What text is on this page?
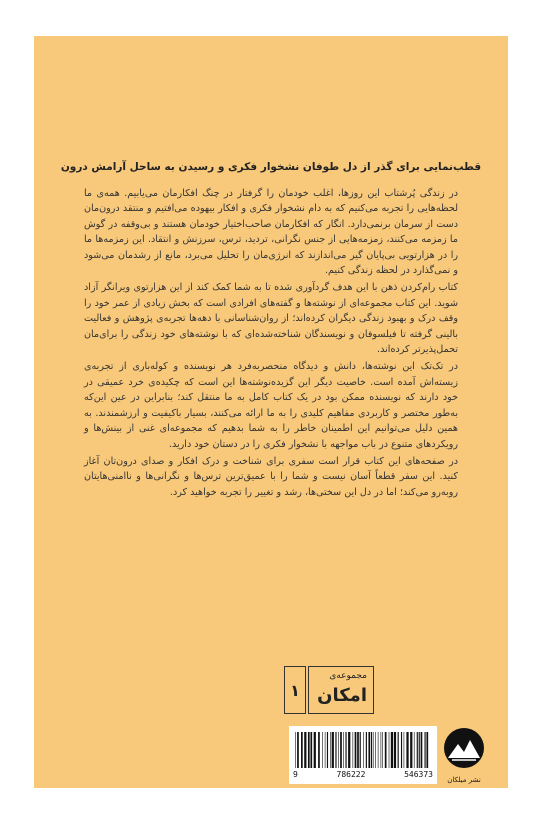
قطب‌نمایی برای گذر از دل طوفان نشخوار فکری و رسیدن به ساحل آرامش درون

در زندگی پُرشتاب این روزها، اغلب خودمان را گرفتار در چنگ افکارمان می‌یابیم. همه‌ی ما لحظه‌هایی را تجربه می‌کنیم که به دام نشخوار فکری و افکار بیهوده می‌افتیم و منتقد درون‌مان دست از سرمان برنمی‌دارد. انگار که افکارمان صاحب‌اختیار خودمان هستند و بی‌وقفه در گوش ما زمزمه می‌کنند، زمزمه‌هایی از جنس نگرانی، تردید، ترس، سرزنش و انتقاد. این زمزمه‌ها ما را در هزارتویی بی‌پایان گیر می‌اندازند که انرژی‌مان را تحلیل می‌برد، مانع از رشدمان می‌شود و نمی‌گذارد در لحظه زندگی کنیم.

کتاب رام‌کردن ذهن با این هدف گردآوری شده تا به شما کمک کند از این هزارتوی ویرانگر آزاد شوید. این کتاب مجموعه‌ای از نوشته‌ها و گفته‌های افرادی است که بخش زیادی از عمر خود را وقف درک و بهبود زندگی دیگران کرده‌اند؛ از روان‌شناسانی با دهه‌ها تجربه‌ی پژوهش و فعالیت بالینی گرفته تا فیلسوفان و نویسندگان شناخته‌شده‌ای که با نوشته‌های خود زندگی را برای‌مان تحمل‌پذیرتر کرده‌اند.

در تک‌تک این نوشته‌ها، دانش و دیدگاه منحصربه‌فرد هر نویسنده و کوله‌باری از تجربه‌ی زیسته‌اش آمده است. خاصیت دیگر این گزیده‌نوشته‌ها این است که چکیده‌ی خرد عمیقی در خود دارند که نویسنده ممکن بود در یک کتاب کامل به ما منتقل کند؛ بنابراین در عین این‌که به‌طور مختصر و کاربردی مفاهیم کلیدی را به ما ارائه می‌کنند، بسیار باکیفیت و ارزشمندند. به همین دلیل می‌توانیم این اطمینان خاطر را به شما بدهیم که مجموعه‌ای غنی از بینش‌ها و رویکردهای متنوع در باب مواجهه با نشخوار فکری را در دستان خود دارید.

در صفحه‌های این کتاب قرار است سفری برای شناخت و درک افکار و صدای درون‌تان آغاز کنید. این سفر قطعاً آسان نیست و شما را با عمیق‌ترین ترس‌ها و نگرانی‌ها و ناامنی‌هایتان روبه‌رو می‌کند؛ اما در دل این سختی‌ها، رشد و تغییر را تجربه خواهید کرد.

۱
مجموعه‌ی
امکان
9	786222	546373
نشر میلکان
